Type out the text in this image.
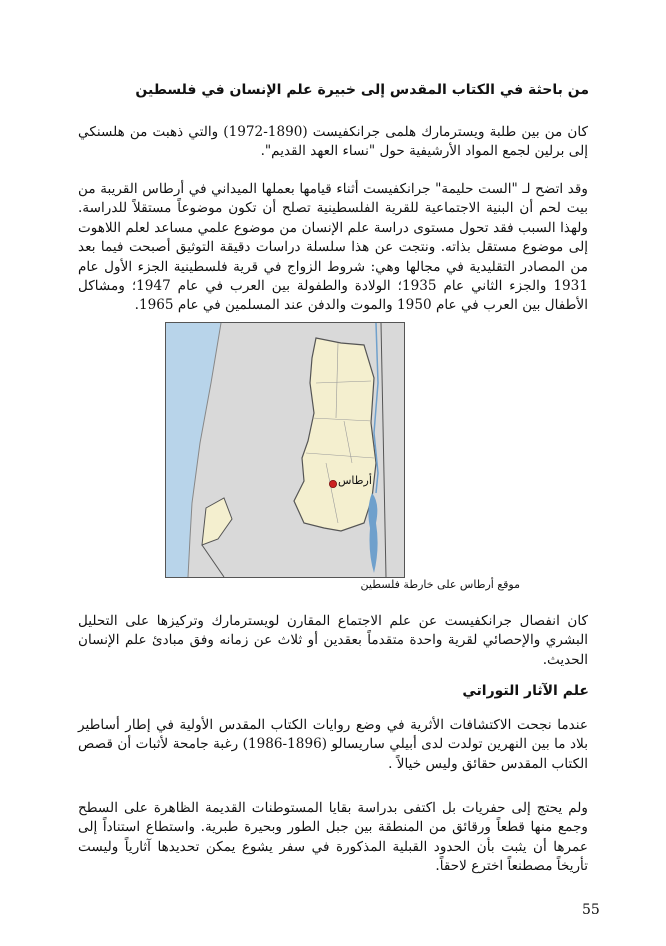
من باحثة في الكتاب المقدس إلى خبيرة علم الإنسان في فلسطين
كان من بين طلبة ويسترمارك هلمى جرانكفيست (1890-1972) والتي ذهبت من هلسنكي إلى برلين لجمع المواد الأرشيفية حول "نساء العهد القديم".
وقد اتضح لـ "الست حليمة" جرانكفيست أثناء قيامها بعملها الميداني في أرطاس القريبة من بيت لحم أن البنية الاجتماعية للقرية الفلسطينية تصلح أن تكون موضوعاً مستقلاً للدراسة. ولهذا السبب فقد تحول مستوى دراسة علم الإنسان من موضوع علمي مساعد لعلم اللاهوت إلى موضوع مستقل بذاته. ونتجت عن هذا سلسلة دراسات دقيقة التوثيق أصبحت فيما بعد من المصادر التقليدية في مجالها وهي: شروط الزواج في قرية فلسطينية الجزء الأول عام 1931 والجزء الثاني عام 1935؛ الولادة والطفولة بين العرب في عام 1947؛ ومشاكل الأطفال بين العرب في عام 1950 والموت والدفن عند المسلمين في عام 1965.
أرطاس
موقع أرطاس على خارطة فلسطين
كان انفصال جرانكفيست عن علم الاجتماع المقارن لويسترمارك وتركيزها على التحليل البشري والإحصائي لقرية واحدة متقدماً بعقدين أو ثلاث عن زمانه وفق مبادئ علم الإنسان الحديث.
علم الآثار التوراتي
عندما نجحت الاكتشافات الأثرية في وضع روايات الكتاب المقدس الأولية في إطار أساطير بلاد ما بين النهرين تولدت لدى أبيلي ساريسالو (1896-1986) رغبة جامحة لأثبات أن قصص الكتاب المقدس حقائق وليس خيالاً .
ولم يحتج إلى حفريات بل اكتفى بدراسة بقايا المستوطنات القديمة الظاهرة على السطح وجمع منها قطعاً ورقائق من المنطقة بين جبل الطور وبحيرة طبرية. واستطاع استناداً إلى عمرها أن يثبت بأن الحدود القبلية المذكورة في سفر يشوع يمكن تحديدها آثارياً وليست تأريخاً مصطنعاً اخترع لاحقاً.
55
